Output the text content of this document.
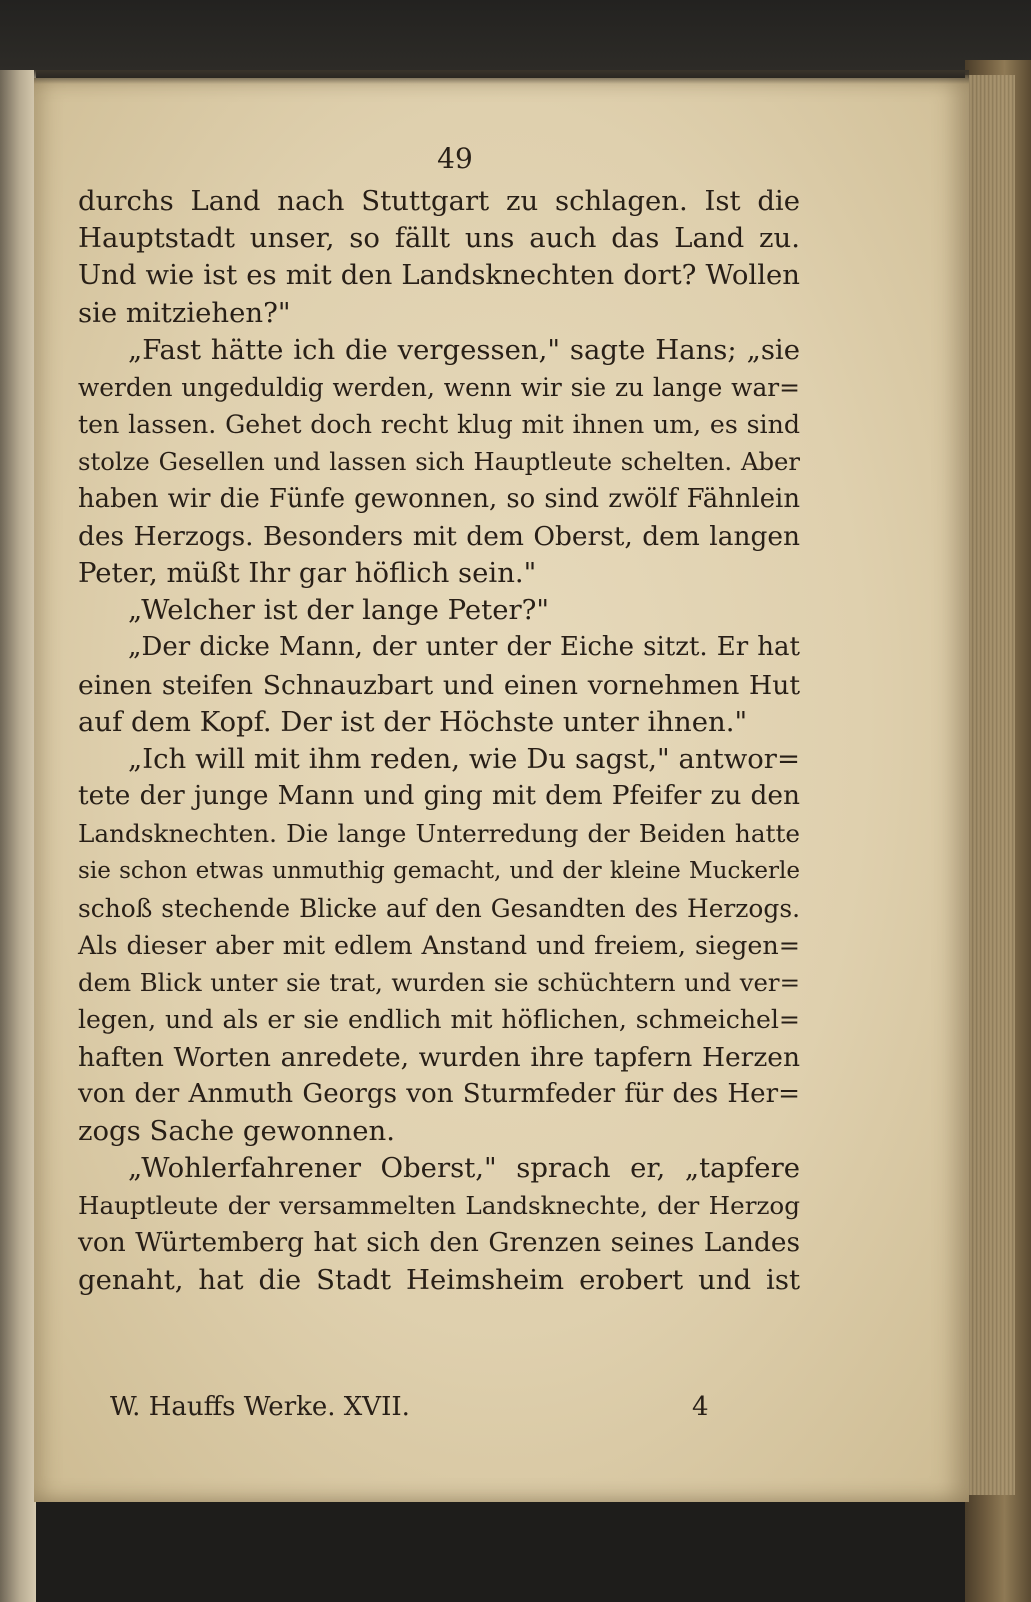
49
durchs Land nach Stuttgart zu schlagen. Ist die
Hauptstadt unser, so fällt uns auch das Land zu.
Und wie ist es mit den Landsknechten dort? Wollen
sie mitziehen?"
„Fast hätte ich die vergessen," sagte Hans; „sie
werden ungeduldig werden, wenn wir sie zu lange war=
ten lassen. Gehet doch recht klug mit ihnen um, es sind
stolze Gesellen und lassen sich Hauptleute schelten. Aber
haben wir die Fünfe gewonnen, so sind zwölf Fähnlein
des Herzogs. Besonders mit dem Oberst, dem langen
Peter, müßt Ihr gar höflich sein."
„Welcher ist der lange Peter?"
„Der dicke Mann, der unter der Eiche sitzt. Er hat
einen steifen Schnauzbart und einen vornehmen Hut
auf dem Kopf. Der ist der Höchste unter ihnen."
„Ich will mit ihm reden, wie Du sagst," antwor=
tete der junge Mann und ging mit dem Pfeifer zu den
Landsknechten. Die lange Unterredung der Beiden hatte
sie schon etwas unmuthig gemacht, und der kleine Muckerle
schoß stechende Blicke auf den Gesandten des Herzogs.
Als dieser aber mit edlem Anstand und freiem, siegen=
dem Blick unter sie trat, wurden sie schüchtern und ver=
legen, und als er sie endlich mit höflichen, schmeichel=
haften Worten anredete, wurden ihre tapfern Herzen
von der Anmuth Georgs von Sturmfeder für des Her=
zogs Sache gewonnen.
„Wohlerfahrener Oberst," sprach er, „tapfere
Hauptleute der versammelten Landsknechte, der Herzog
von Würtemberg hat sich den Grenzen seines Landes
genaht, hat die Stadt Heimsheim erobert und ist
W. Hauffs Werke. XVII.	4
